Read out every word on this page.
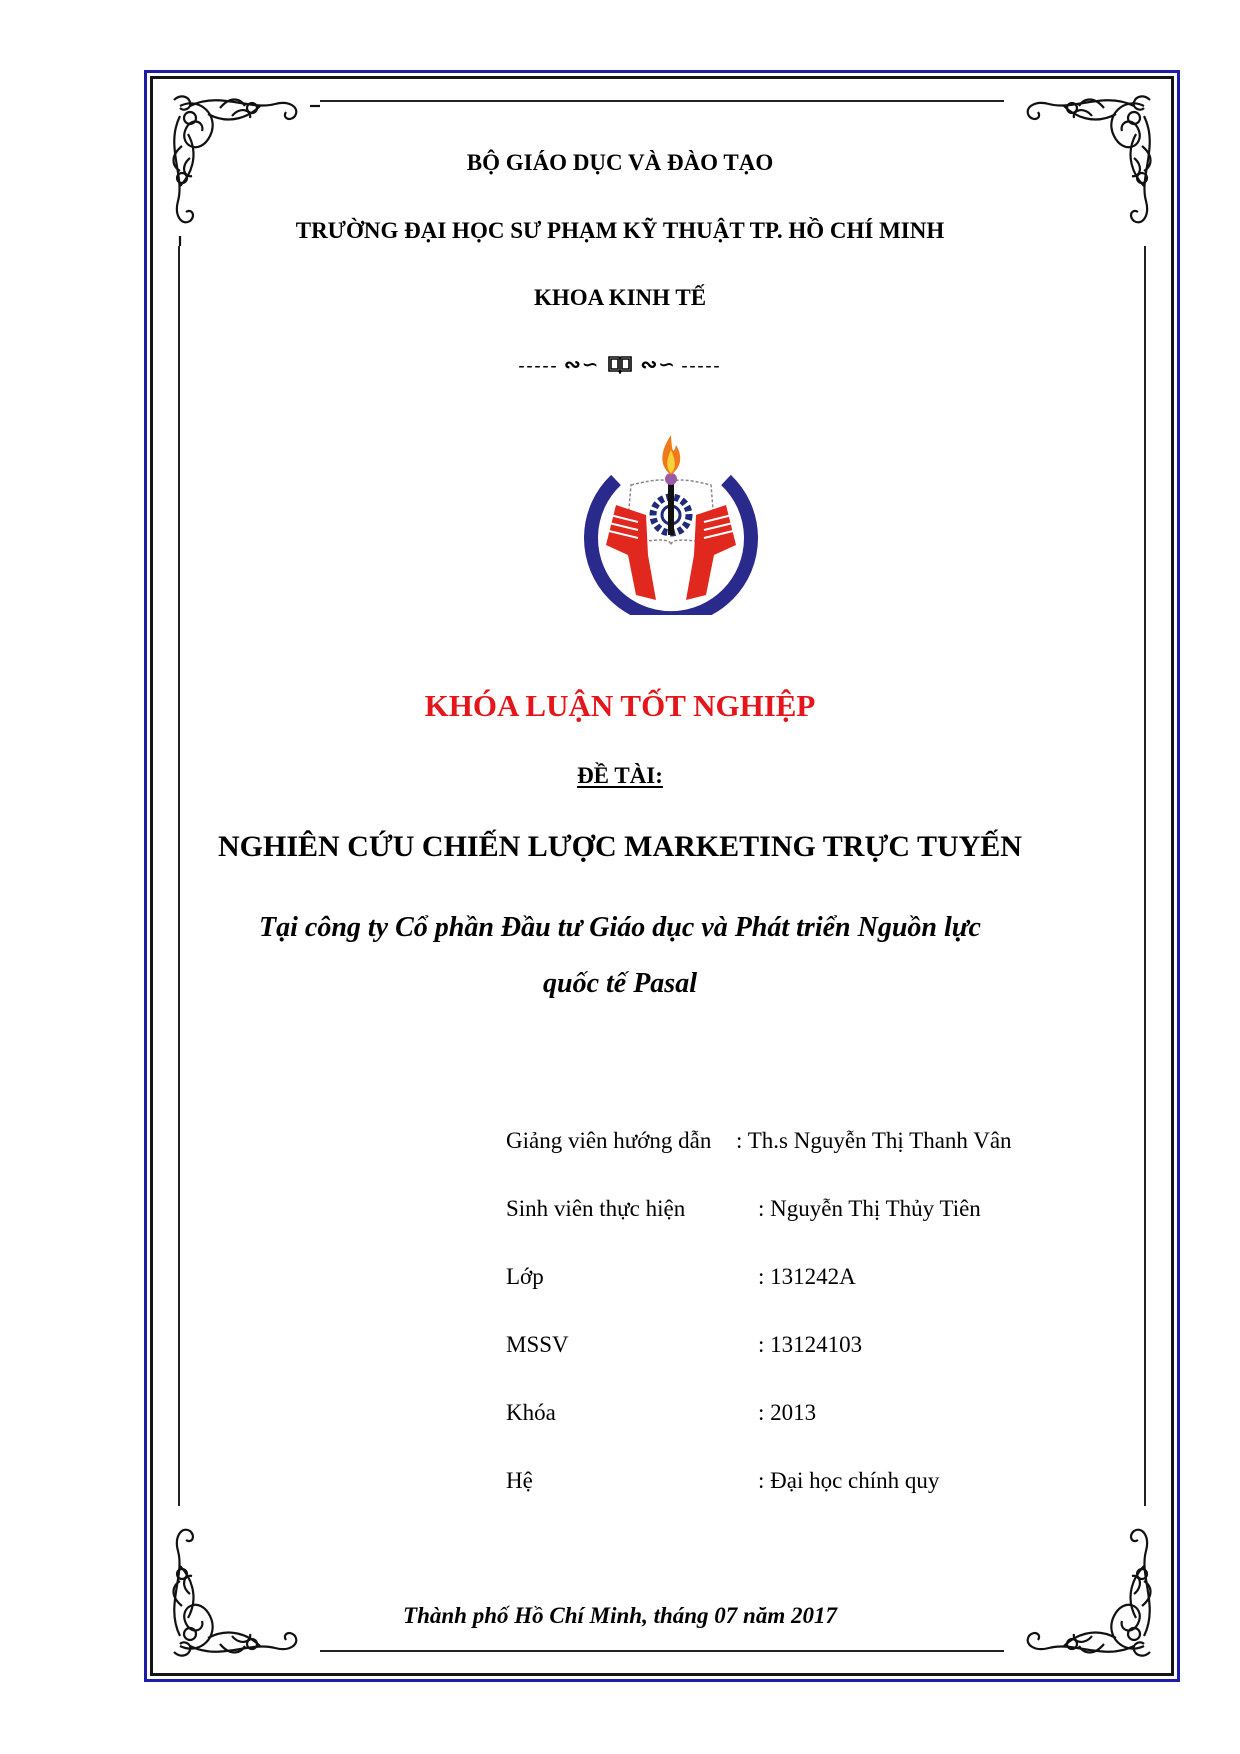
BỘ GIÁO DỤC VÀ ĐÀO TẠO
TRƯỜNG ĐẠI HỌC SƯ PHẠM KỸ THUẬT TP. HỒ CHÍ MINH
KHOA KINH TẾ
----- ∾∽ ∾∽ -----
KHÓA LUẬN TỐT NGHIỆP
ĐỀ TÀI:
NGHIÊN CỨU CHIẾN LƯỢC MARKETING TRỰC TUYẾN
Tại công ty Cổ phần Đầu tư Giáo dục và Phát triển Nguồn lực
quốc tế Pasal
Giảng viên hướng dẫn : Th.s Nguyễn Thị Thanh Vân
Sinh viên thực hiện	: Nguyễn Thị Thủy Tiên
Lớp	: 131242A
MSSV	: 13124103
Khóa	: 2013
Hệ	: Đại học chính quy
Thành phố Hồ Chí Minh, tháng 07 năm 2017
